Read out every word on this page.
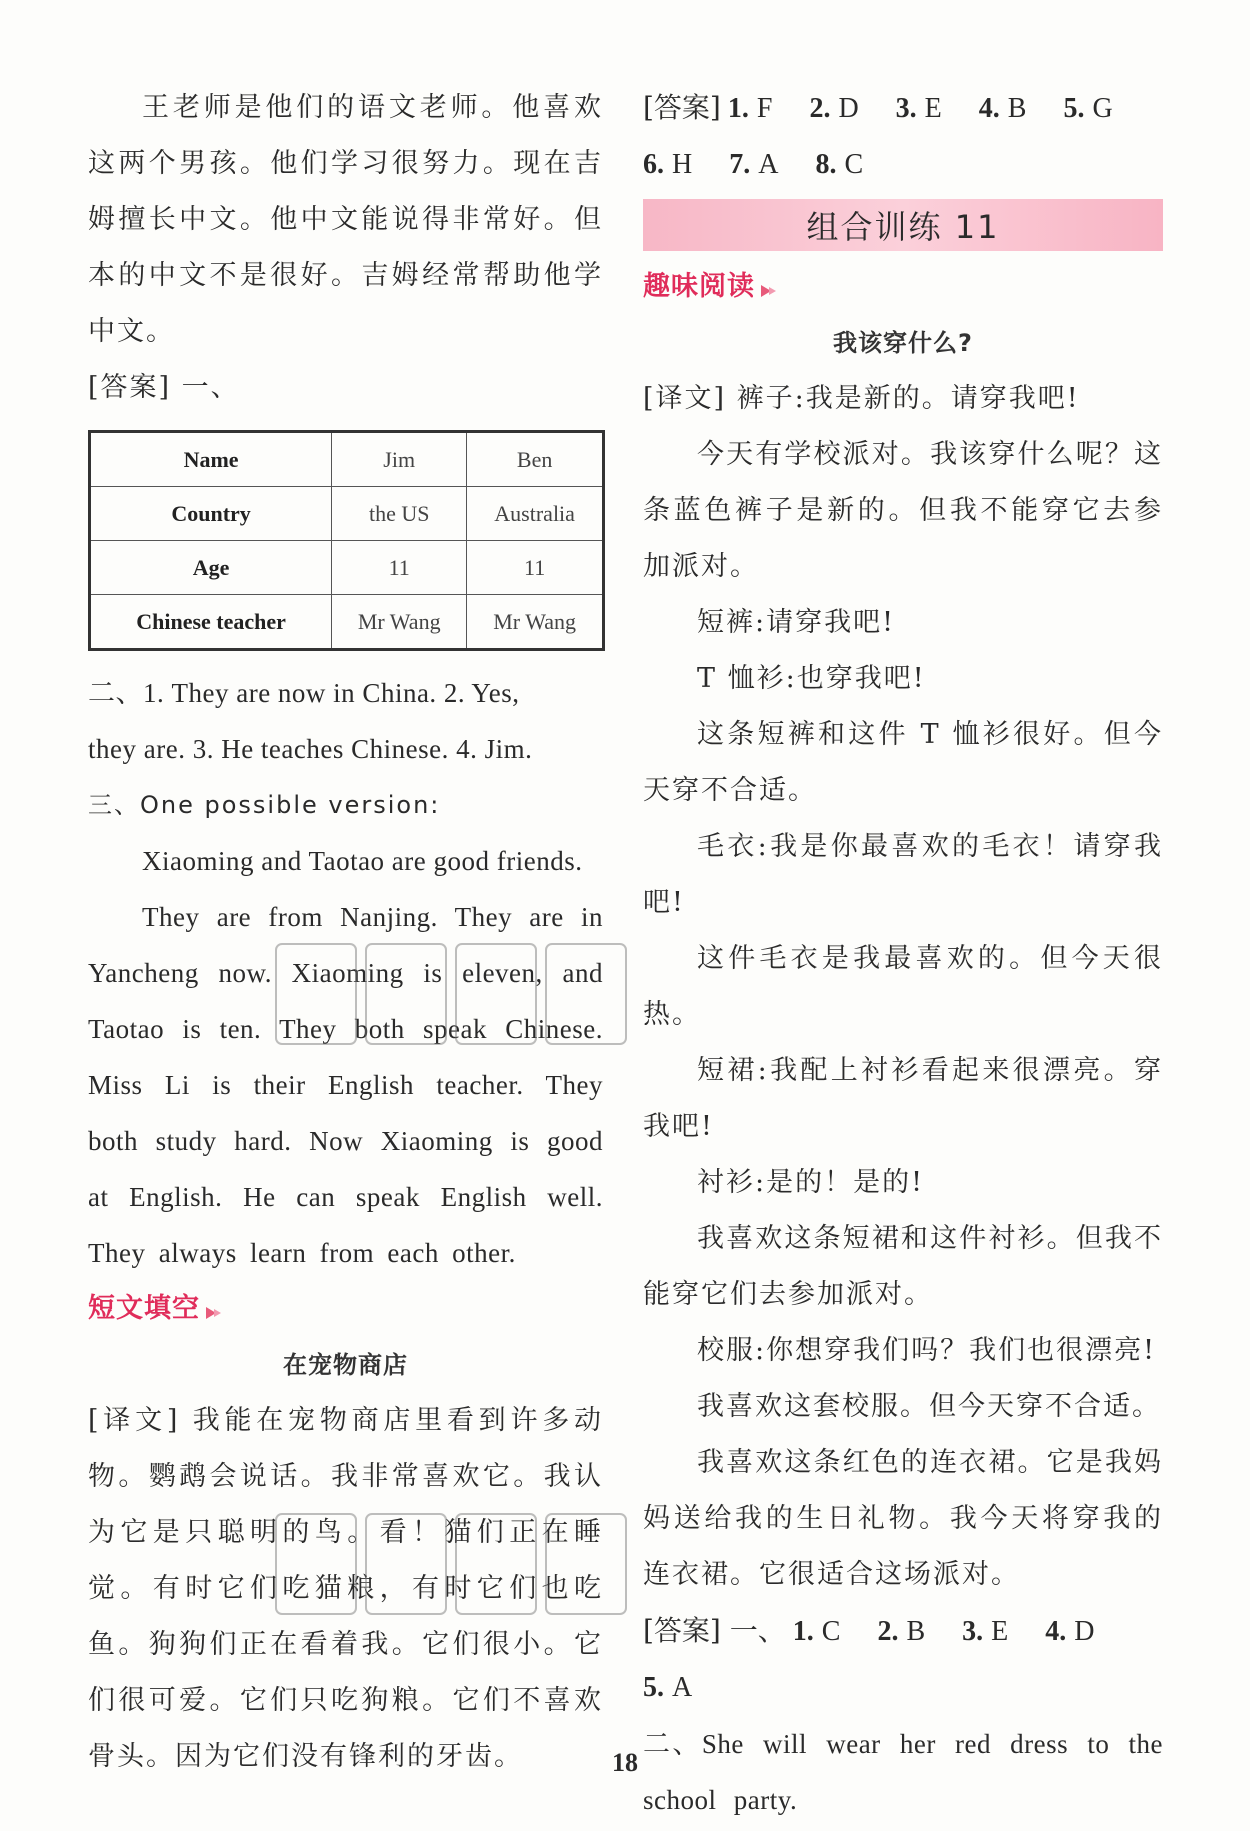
王老师是他们的语文老师。他喜欢这两个男孩。他们学习很努力。现在吉姆擅长中文。他中文能说得非常好。但本的中文不是很好。吉姆经常帮助他学中文。

[答案] 一、

Name	Jim	Ben
Country	the US	Australia
Age	11	11
Chinese teacher	Mr Wang	Mr Wang

二、1. They are now in China. 2. Yes,

they are. 3. He teaches Chinese. 4. Jim.

三、One possible version:

Xiaoming and Taotao are good friends.

They are from Nanjing. They are in Yancheng now. Xiaoming is eleven, and Taotao is ten. They both speak Chinese. Miss Li is their English teacher. They both study hard. Now Xiaoming is good at English. He can speak English well. They always learn from each other.

短文填空
在宠物商店

[译文] 我能在宠物商店里看到许多动物。鹦鹉会说话。我非常喜欢它。我认为它是只聪明的鸟。看！猫们正在睡觉。有时它们吃猫粮，有时它们也吃鱼。狗狗们正在看着我。它们很小。它们很可爱。它们只吃狗粮。它们不喜欢骨头。因为它们没有锋利的牙齿。

[答案] 1. F 2. D 3. E 4. B 5. G
6. H 7. A 8. C
组合训练 11
趣味阅读
我该穿什么?

[译文] 裤子:我是新的。请穿我吧!

今天有学校派对。我该穿什么呢？这条蓝色裤子是新的。但我不能穿它去参加派对。

短裤:请穿我吧!

T 恤衫:也穿我吧!

这条短裤和这件 T 恤衫很好。但今天穿不合适。

毛衣:我是你最喜欢的毛衣！请穿我吧!

这件毛衣是我最喜欢的。但今天很热。

短裙:我配上衬衫看起来很漂亮。穿我吧!

衬衫:是的！是的!

我喜欢这条短裙和这件衬衫。但我不能穿它们去参加派对。

校服:你想穿我们吗？我们也很漂亮!

我喜欢这套校服。但今天穿不合适。

我喜欢这条红色的连衣裙。它是我妈妈送给我的生日礼物。我今天将穿我的连衣裙。它很适合这场派对。

[答案] 一、 1. C 2. B 3. E 4. D
5. A

二、She will wear her red dress to the school party.

18
